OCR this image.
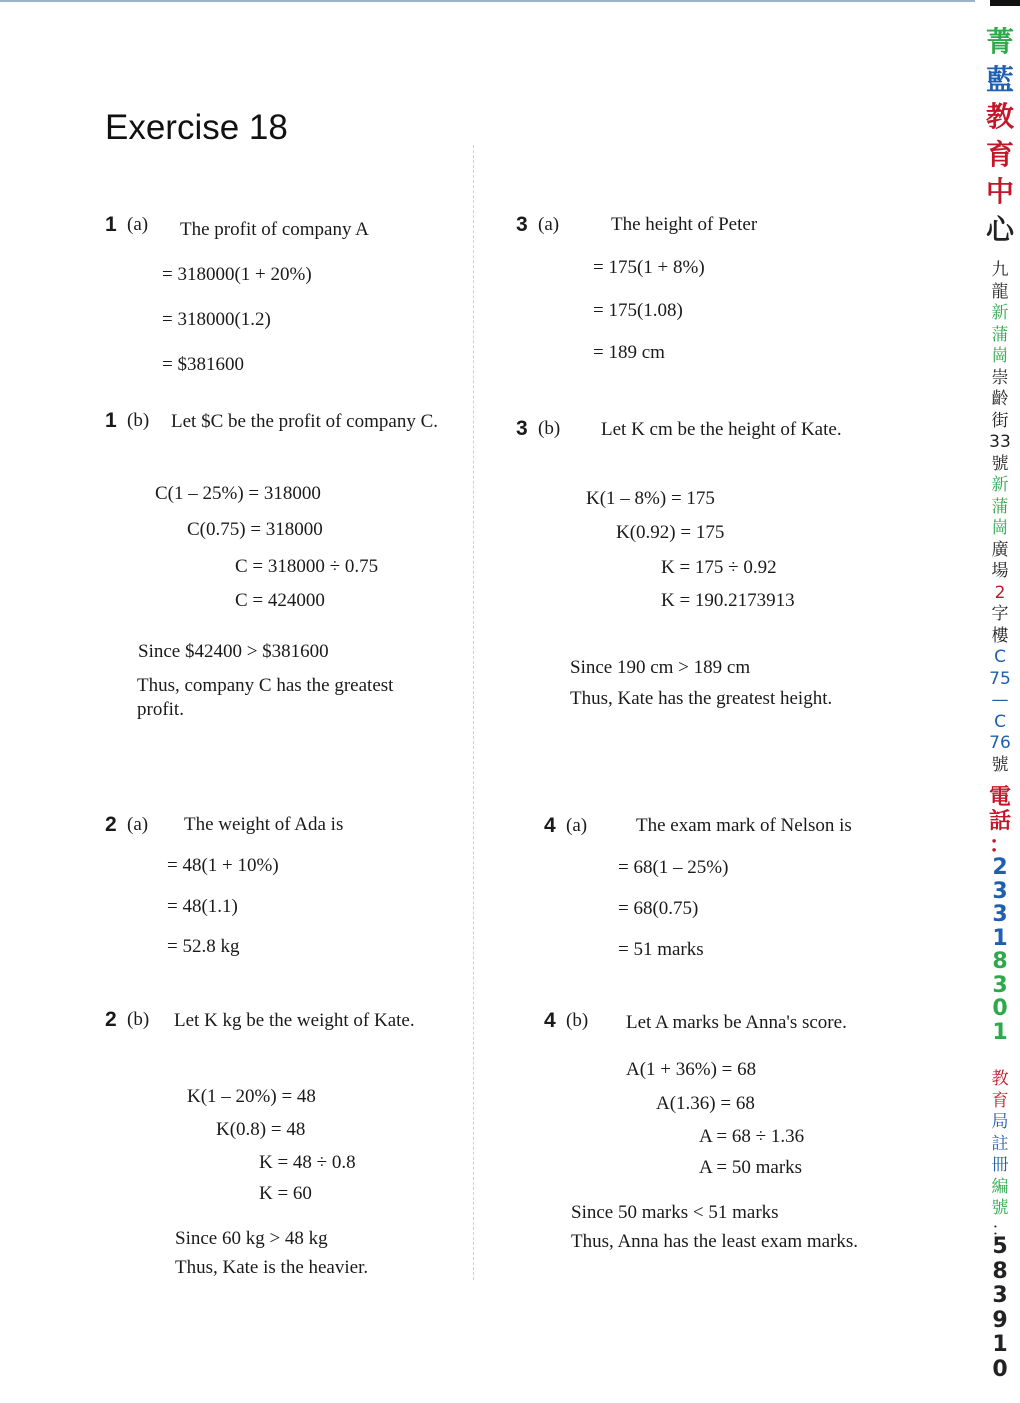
Exercise 18
1 (a) The profit of company A
= 318000(1 + 20%)
= 318000(1.2)
= $381600
1 (b) Let $C be the profit of company C.
C(1 – 25%) = 318000
C(0.75) = 318000
C = 318000 ÷ 0.75
C = 424000
Since $42400 > $381600
Thus, company C has the greatest profit.
2 (a) The weight of Ada is
= 48(1 + 10%)
= 48(1.1)
= 52.8 kg
2 (b) Let K kg be the weight of Kate.
K(1 – 20%) = 48
K(0.8) = 48
K = 48 ÷ 0.8
K = 60
Since 60 kg > 48 kg
Thus, Kate is the heavier.
3 (a)	The height of Peter
= 175(1 + 8%)
= 175(1.08)
= 189 cm
3 (b) Let K cm be the height of Kate.
K(1 – 8%) = 175
K(0.92) = 175
K = 175 ÷ 0.92
K = 190.2173913
Since 190 cm > 189 cm
Thus, Kate has the greatest height.
4 (a)	The exam mark of Nelson is
= 68(1 – 25%)
= 68(0.75)
= 51 marks
4 (b) Let A marks be Anna's score.
A(1 + 36%) = 68
A(1.36) = 68
A = 68 ÷ 1.36
A = 50 marks
Since 50 marks < 51 marks
Thus, Anna has the least exam marks.
菁
藍
教
育
中
心
九
龍
新
蒲
崗
崇
齡
街
33
號
新
蒲
崗
廣
場
2
字
樓
C
75
—
C
76
號
電
話
：
2
3
3
1
8
3
0
1
教
育
局
註
冊
編
號
：
5
8
3
9
1
0
